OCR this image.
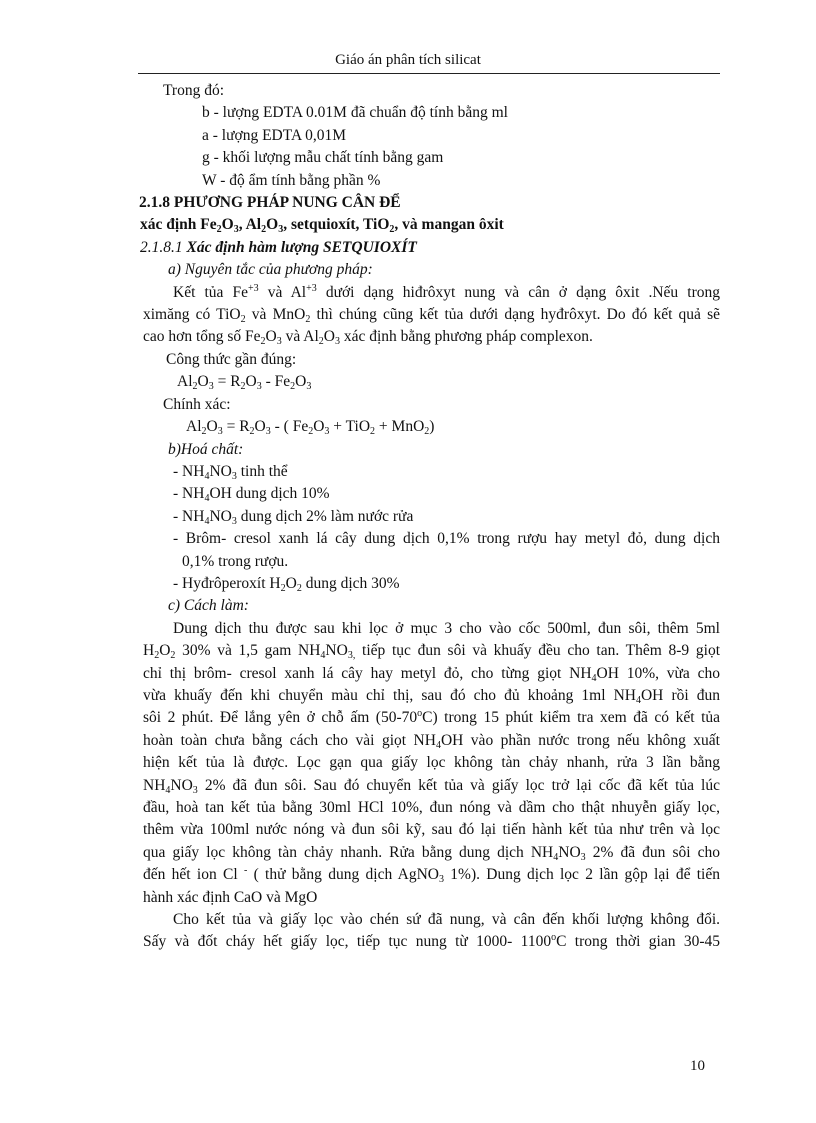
Giáo án phân tích silicat
Trong đó:
b - lượng EDTA 0.01M đã chuẩn độ tính bằng ml
a - lượng EDTA 0,01M
g - khối lượng mẫu chất tính bằng gam
W - độ ẩm tính bằng phần %
2.1.8 PHƯƠNG PHÁP NUNG CÂN ĐỂ
xác định $Fe_2O_3$, $Al_2O_3$, setquioxít, TiO$_2$, và mangan ôxit
2.1.8.1 Xác định hàm lượng SETQUIOXÍT
a) Nguyên tắc của phương pháp:
Kết tủa $Fe^{+3}$ và $Al^{+3}$ dưới dạng hiđrôxyt nung và cân ở dạng ôxit .Nếu trong
ximăng có TiO$_2$ và MnO$_2$ thì chúng cũng kết tủa dưới dạng hyđrôxyt. Do đó kết quả sẽ
cao hơn tổng số $Fe_2O_3$ và $Al_2O_3$ xác định bằng phương pháp complexon.
Công thức gần đúng:
$Al_2O_3 = R_2O_3 - Fe_2O_3$
Chính xác:
$Al_2O_3 = R_2O_3$ - ( $Fe_2O_3 + TiO_2 + MnO_2$)
b)Hoá chất:
- $NH_4NO_3$ tinh thể
- $NH_4OH$ dung dịch 10%
- $NH_4NO_3$ dung dịch 2% làm nước rửa
- Brôm- cresol xanh lá cây dung dịch 0,1% trong rượu hay metyl đỏ, dung dịch
0,1% trong rượu.
- Hyđrôperoxít $H_2O_2$ dung dịch 30%
c) Cách làm:
Dung dịch thu được sau khi lọc ở mục 3 cho vào cốc 500ml, đun sôi, thêm 5ml
$H_2O_2$ 30% và 1,5 gam $NH_4NO_{3,}$ tiếp tục đun sôi và khuấy đều cho tan. Thêm 8-9 giọt
chỉ thị brôm- cresol xanh lá cây hay metyl đỏ, cho từng giọt $NH_4OH$ 10%, vừa cho
vừa khuấy đến khi chuyển màu chỉ thị, sau đó cho đủ khoảng 1ml $NH_4OH$ rồi đun
sôi 2 phút. Để lắng yên ở chỗ ấm (50-70$^o$C) trong 15 phút kiểm tra xem đã có kết tủa
hoàn toàn chưa bằng cách cho vài giọt $NH_4OH$ vào phần nước trong nếu không xuất
hiện kết tủa là được. Lọc gạn qua giấy lọc không tàn chảy nhanh, rửa 3 lần bằng
$NH_4NO_3$ 2% đã đun sôi. Sau đó chuyển kết tủa và giấy lọc trở lại cốc đã kết tủa lúc
đầu, hoà tan kết tủa bằng 30ml HCl 10%, đun nóng và dầm cho thật nhuyễn giấy lọc,
thêm vừa 100ml nước nóng và đun sôi kỹ, sau đó lại tiến hành kết tủa như trên và lọc
qua giấy lọc không tàn chảy nhanh. Rửa bằng dung dịch $NH_4NO_3$ 2% đã đun sôi cho
đến hết ion Cl - ( thử bằng dung dịch AgNO$_3$ 1%). Dung dịch lọc 2 lần gộp lại để tiến
hành xác định CaO và MgO
Cho kết tủa và giấy lọc vào chén sứ đã nung, và cân đến khối lượng không đổi.
Sấy và đốt cháy hết giấy lọc, tiếp tục nung từ 1000- 1100$^o$C trong thời gian 30-45
10
